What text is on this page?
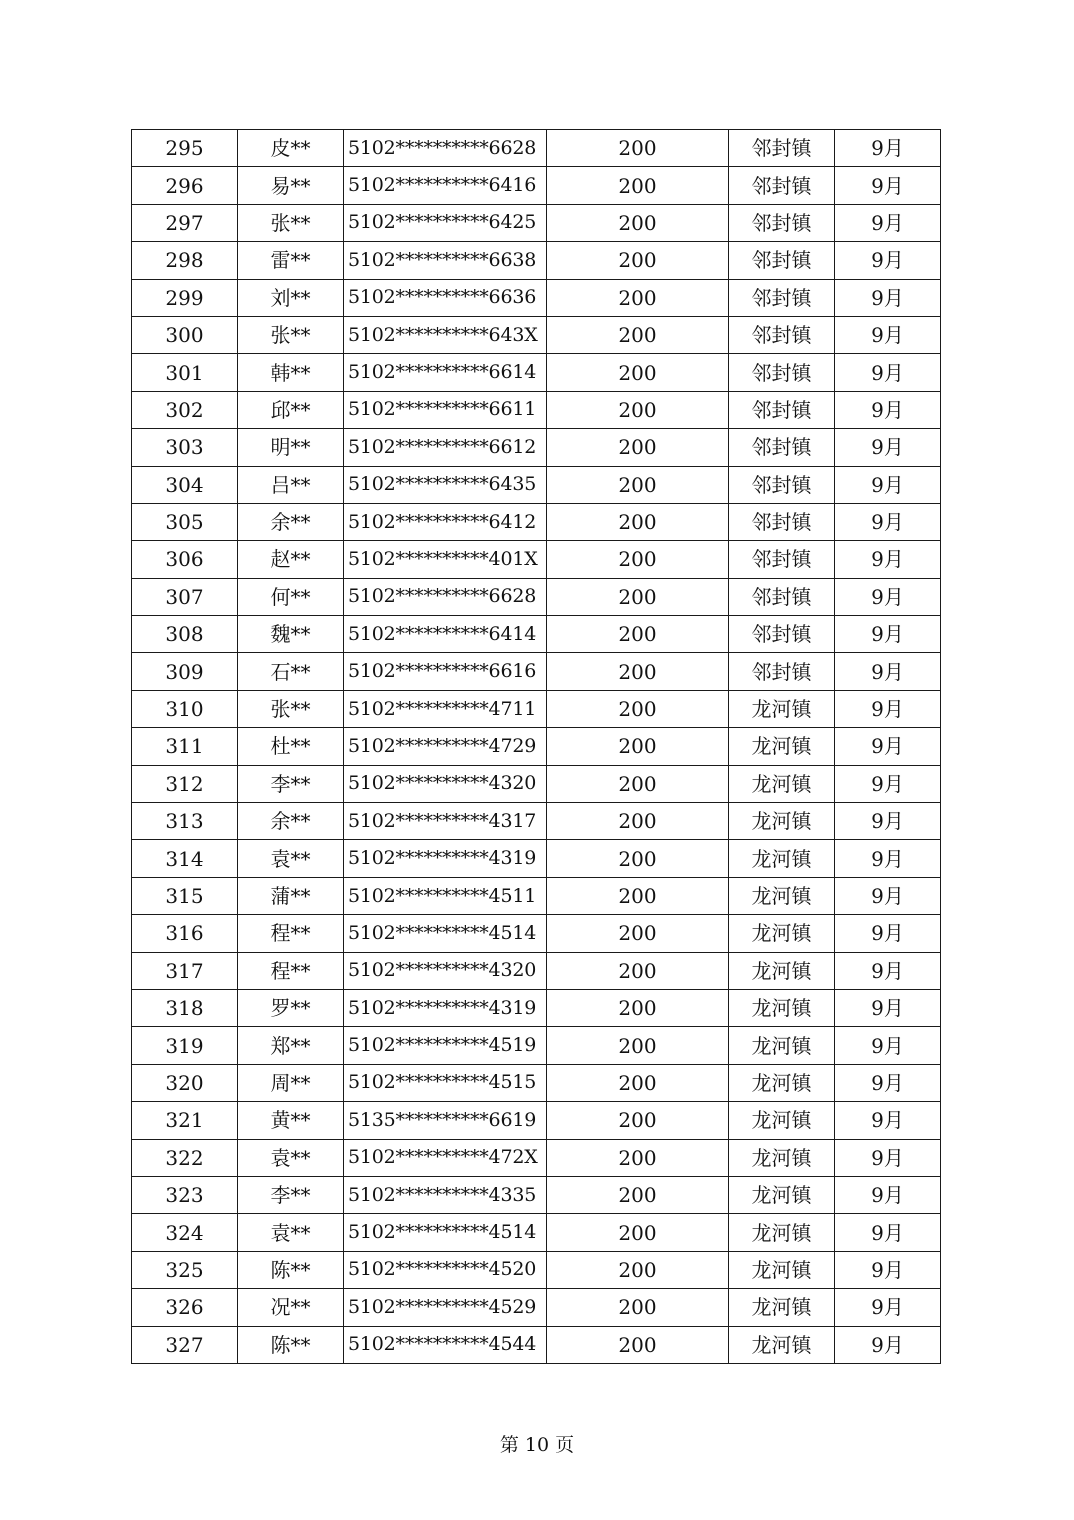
295	皮**	5102**********6628	200	邻封镇	9月
296	易**	5102**********6416	200	邻封镇	9月
297	张**	5102**********6425	200	邻封镇	9月
298	雷**	5102**********6638	200	邻封镇	9月
299	刘**	5102**********6636	200	邻封镇	9月
300	张**	5102**********643X	200	邻封镇	9月
301	韩**	5102**********6614	200	邻封镇	9月
302	邱**	5102**********6611	200	邻封镇	9月
303	明**	5102**********6612	200	邻封镇	9月
304	吕**	5102**********6435	200	邻封镇	9月
305	余**	5102**********6412	200	邻封镇	9月
306	赵**	5102**********401X	200	邻封镇	9月
307	何**	5102**********6628	200	邻封镇	9月
308	魏**	5102**********6414	200	邻封镇	9月
309	石**	5102**********6616	200	邻封镇	9月
310	张**	5102**********4711	200	龙河镇	9月
311	杜**	5102**********4729	200	龙河镇	9月
312	李**	5102**********4320	200	龙河镇	9月
313	余**	5102**********4317	200	龙河镇	9月
314	袁**	5102**********4319	200	龙河镇	9月
315	蒲**	5102**********4511	200	龙河镇	9月
316	程**	5102**********4514	200	龙河镇	9月
317	程**	5102**********4320	200	龙河镇	9月
318	罗**	5102**********4319	200	龙河镇	9月
319	郑**	5102**********4519	200	龙河镇	9月
320	周**	5102**********4515	200	龙河镇	9月
321	黄**	5135**********6619	200	龙河镇	9月
322	袁**	5102**********472X	200	龙河镇	9月
323	李**	5102**********4335	200	龙河镇	9月
324	袁**	5102**********4514	200	龙河镇	9月
325	陈**	5102**********4520	200	龙河镇	9月
326	况**	5102**********4529	200	龙河镇	9月
327	陈**	5102**********4544	200	龙河镇	9月
第 10 页
